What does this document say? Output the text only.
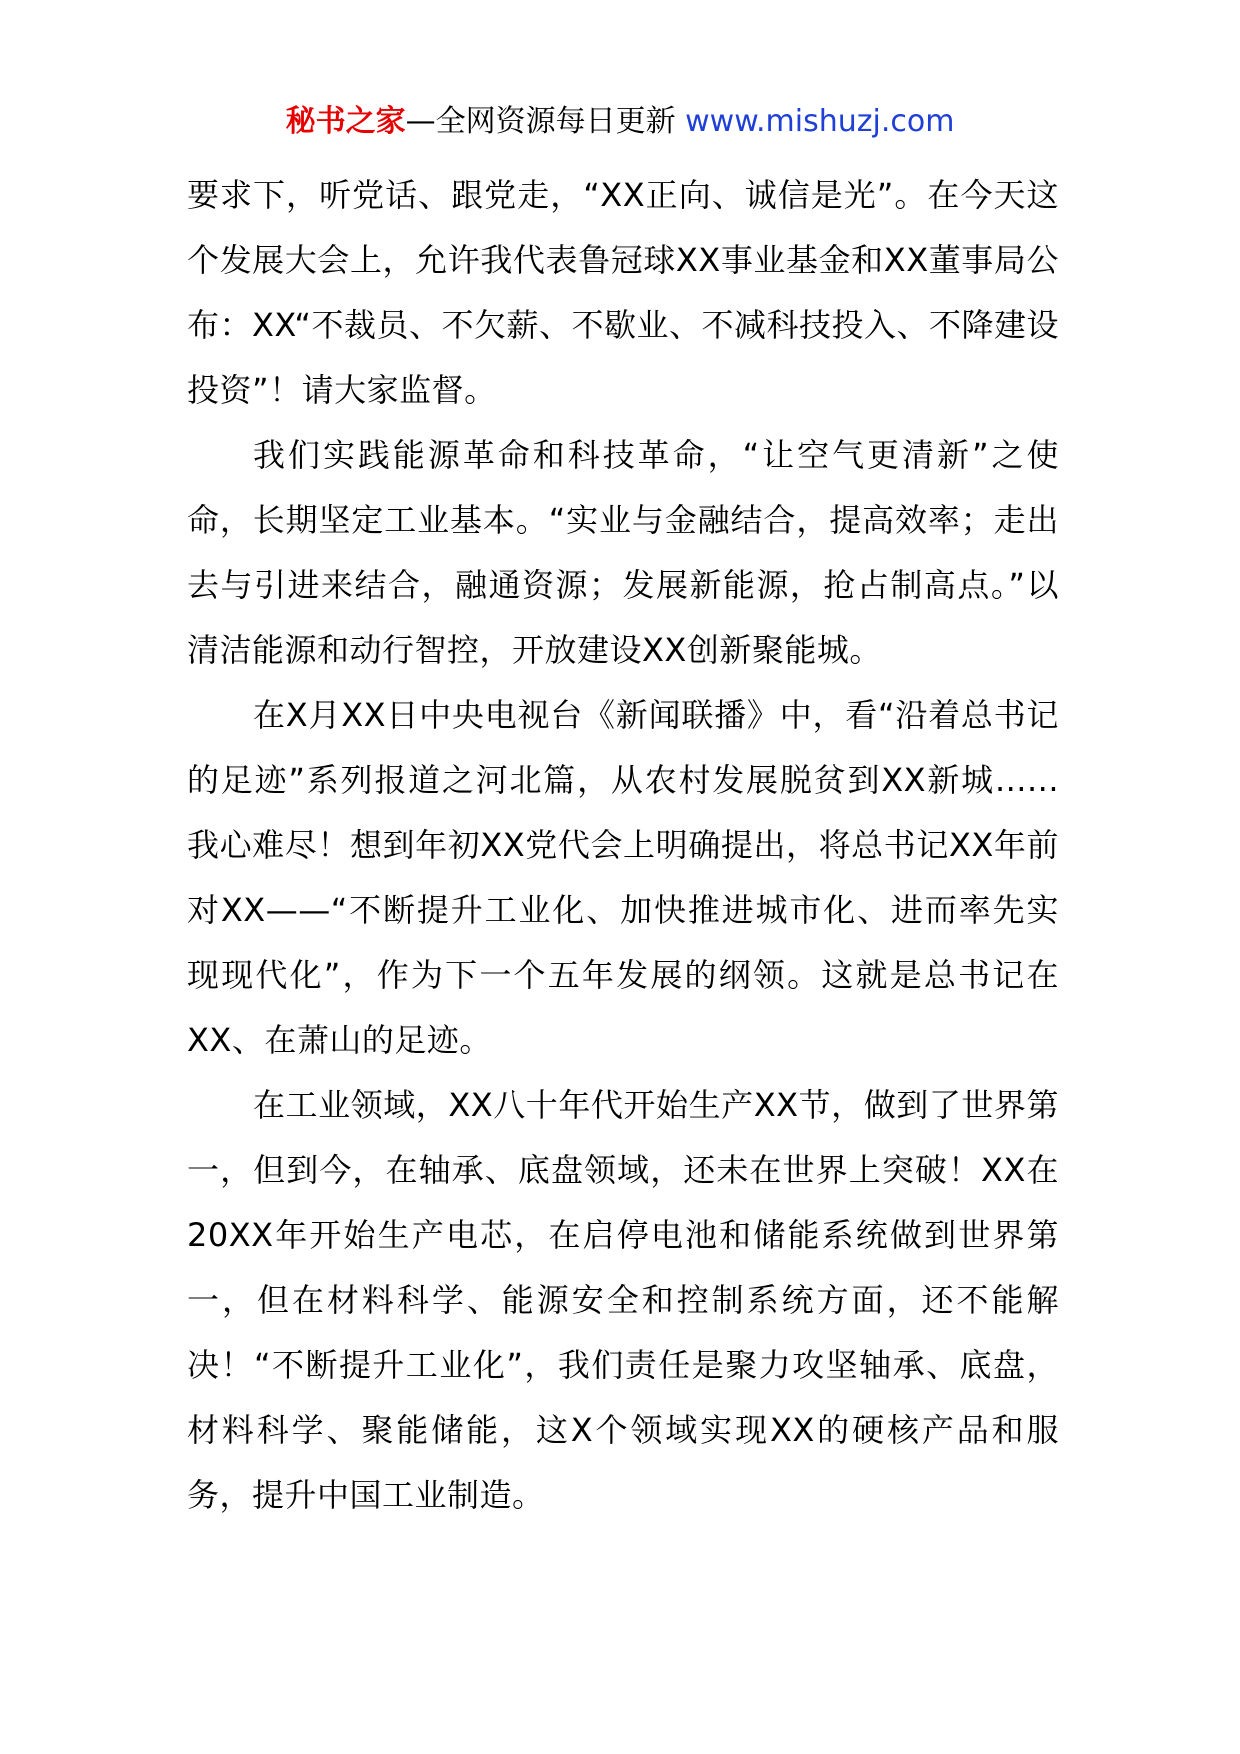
秘书之家—全网资源每日更新 www.mishuzj.com

要求下，听党话、跟党走，“XX正向、诚信是光”。在今天这个发展大会上，允许我代表鲁冠球XX事业基金和XX董事局公布：XX“不裁员、不欠薪、不歇业、不减科技投入、不降建设投资”！请大家监督。

我们实践能源革命和科技革命，“让空气更清新”之使命，长期坚定工业基本。“实业与金融结合，提高效率；走出去与引进来结合，融通资源；发展新能源，抢占制高点。”以清洁能源和动行智控，开放建设XX创新聚能城。

在X月XX日中央电视台《新闻联播》中，看“沿着总书记的足迹”系列报道之河北篇，从农村发展脱贫到XX新城......我心难尽！想到年初XX党代会上明确提出，将总书记XX年前对XX——“不断提升工业化、加快推进城市化、进而率先实现现代化”，作为下一个五年发展的纲领。这就是总书记在XX、在萧山的足迹。

在工业领域，XX八十年代开始生产XX节，做到了世界第一，但到今，在轴承、底盘领域，还未在世界上突破！XX在20XX年开始生产电芯，在启停电池和储能系统做到世界第一，但在材料科学、能源安全和控制系统方面，还不能解决！“不断提升工业化”，我们责任是聚力攻坚轴承、底盘，材料科学、聚能储能，这X个领域实现XX的硬核产品和服务，提升中国工业制造。
